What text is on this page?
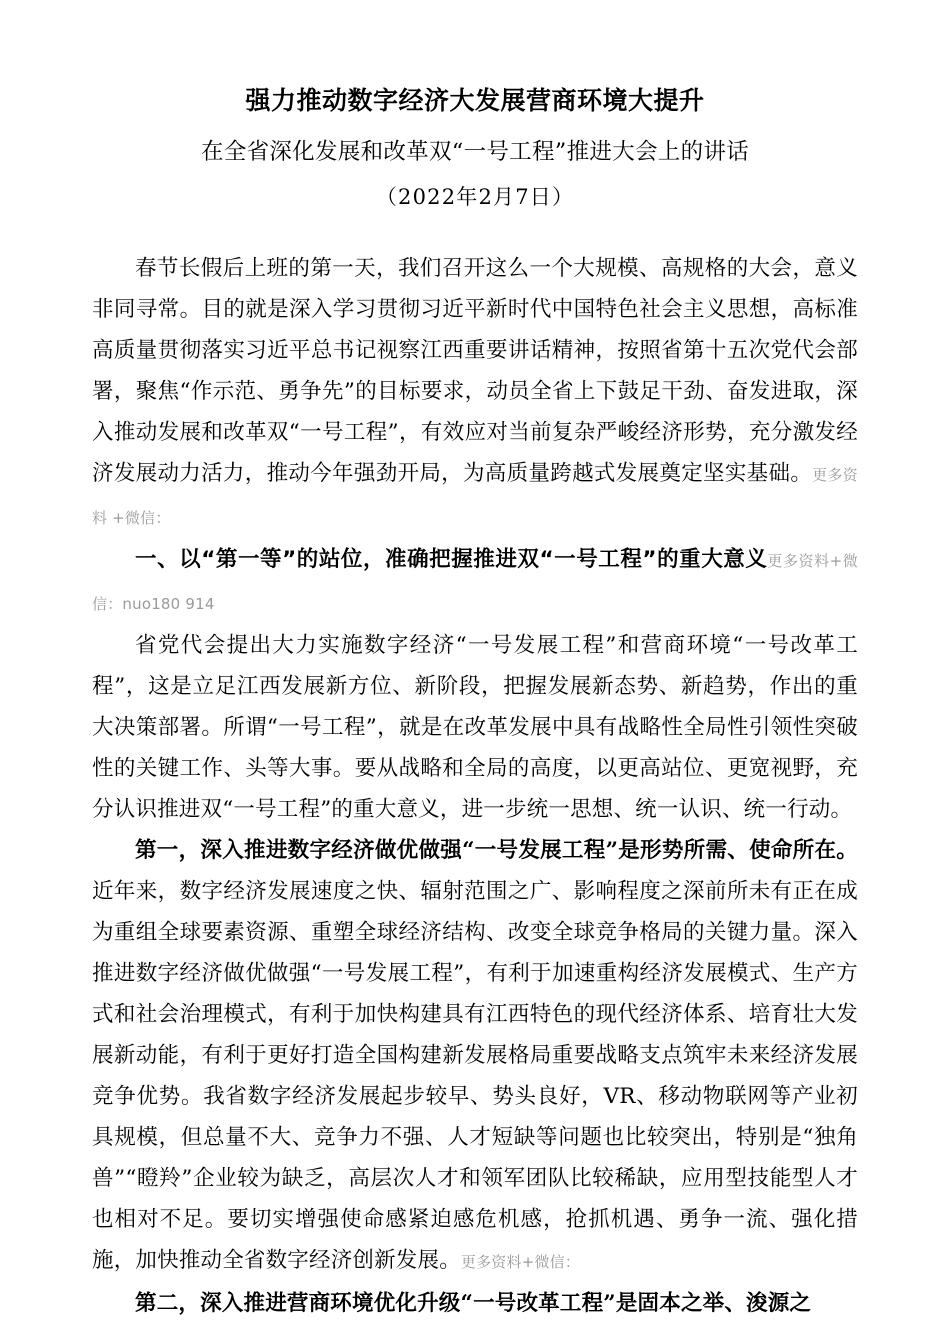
强力推动数字经济大发展营商环境大提升
在全省深化发展和改革双“一号工程”推进大会上的讲话
（2022年2月7日）

春节长假后上班的第一天，我们召开这么一个大规模、高规格的大会，意义非同寻常。目的就是深入学习贯彻习近平新时代中国特色社会主义思想，高标准高质量贯彻落实习近平总书记视察江西重要讲话精神，按照省第十五次党代会部署，聚焦“作示范、勇争先”的目标要求，动员全省上下鼓足干劲、奋发进取，深入推动发展和改革双“一号工程”，有效应对当前复杂严峻经济形势，充分激发经济发展动力活力，推动今年强劲开局，为高质量跨越式发展奠定坚实基础。更多资料 +微信：

一、以“第一等”的站位，准确把握推进双“一号工程”的重大意义更多资料+微信：nuo180 914

省党代会提出大力实施数字经济“一号发展工程”和营商环境“一号改革工程”，这是立足江西发展新方位、新阶段，把握发展新态势、新趋势，作出的重大决策部署。所谓“一号工程”，就是在改革发展中具有战略性全局性引领性突破性的关键工作、头等大事。要从战略和全局的高度，以更高站位、更宽视野，充分认识推进双“一号工程”的重大意义，进一步统一思想、统一认识、统一行动。

第一，深入推进数字经济做优做强“一号发展工程”是形势所需、使命所在。近年来，数字经济发展速度之快、辐射范围之广、影响程度之深前所未有正在成为重组全球要素资源、重塑全球经济结构、改变全球竞争格局的关键力量。深入推进数字经济做优做强“一号发展工程”，有利于加速重构经济发展模式、生产方式和社会治理模式，有利于加快构建具有江西特色的现代经济体系、培育壮大发展新动能，有利于更好打造全国构建新发展格局重要战略支点筑牢未来经济发展竞争优势。我省数字经济发展起步较早、势头良好，VR、移动物联网等产业初具规模，但总量不大、竞争力不强、人才短缺等问题也比较突出，特别是“独角兽”“瞪羚”企业较为缺乏，高层次人才和领军团队比较稀缺，应用型技能型人才也相对不足。要切实增强使命感紧迫感危机感，抢抓机遇、勇争一流、强化措施，加快推动全省数字经济创新发展。更多资料+微信：

第二，深入推进营商环境优化升级“一号改革工程”是固本之举、浚源之
